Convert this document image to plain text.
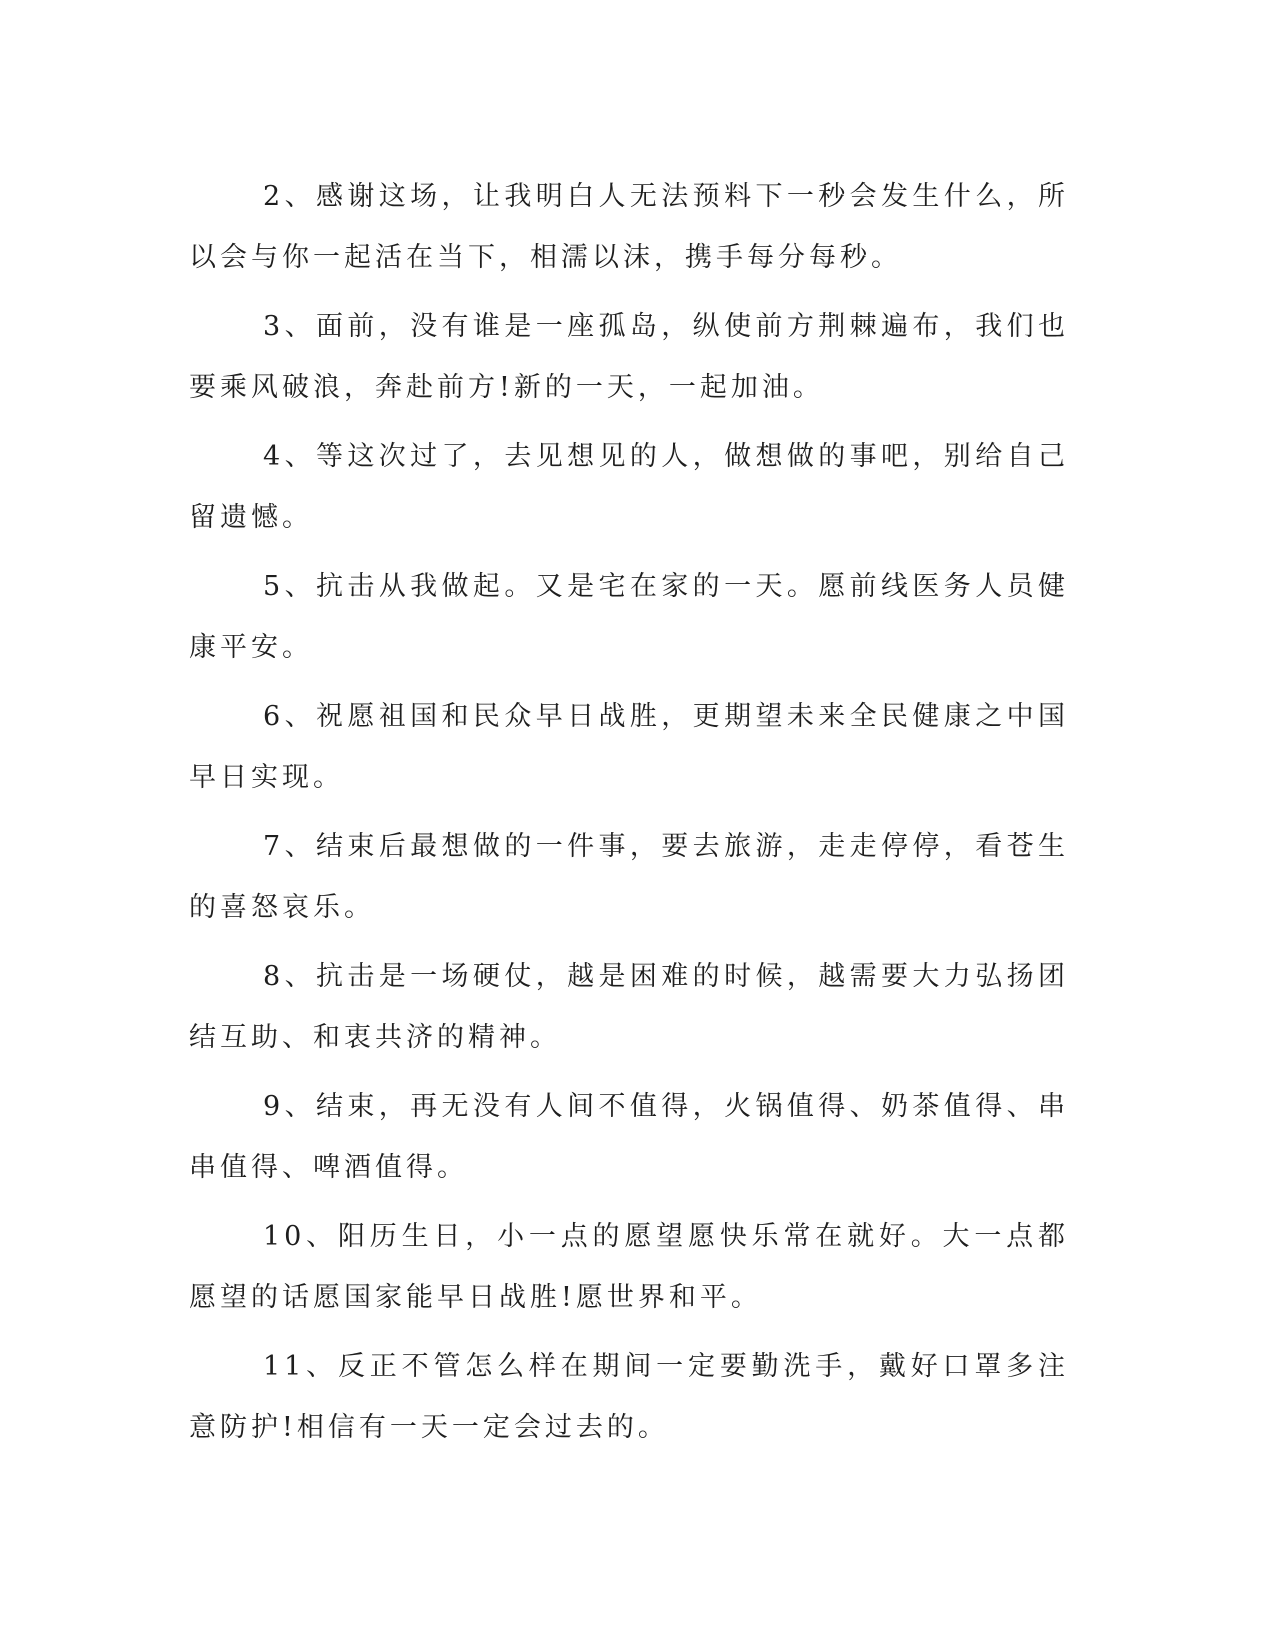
2、感谢这场，让我明白人无法预料下一秒会发生什么，所以会与你一起活在当下，相濡以沫，携手每分每秒。

3、面前，没有谁是一座孤岛，纵使前方荆棘遍布，我们也要乘风破浪，奔赴前方!新的一天，一起加油。

4、等这次过了，去见想见的人，做想做的事吧，别给自己留遗憾。

5、抗击从我做起。又是宅在家的一天。愿前线医务人员健康平安。

6、祝愿祖国和民众早日战胜，更期望未来全民健康之中国早日实现。

7、结束后最想做的一件事，要去旅游，走走停停，看苍生的喜怒哀乐。

8、抗击是一场硬仗，越是困难的时候，越需要大力弘扬团结互助、和衷共济的精神。

9、结束，再无没有人间不值得，火锅值得、奶茶值得、串串值得、啤酒值得。

10、阳历生日，小一点的愿望愿快乐常在就好。大一点都愿望的话愿国家能早日战胜!愿世界和平。

11、反正不管怎么样在期间一定要勤洗手，戴好口罩多注意防护!相信有一天一定会过去的。
